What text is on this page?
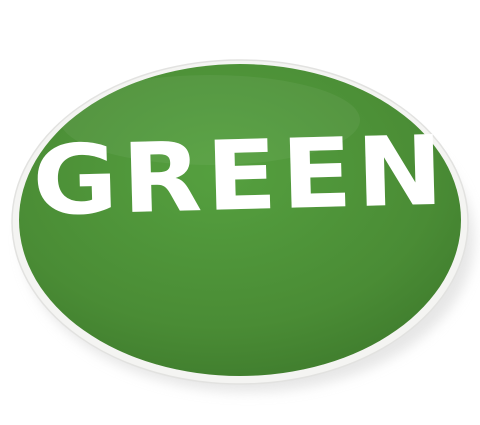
GREEN
